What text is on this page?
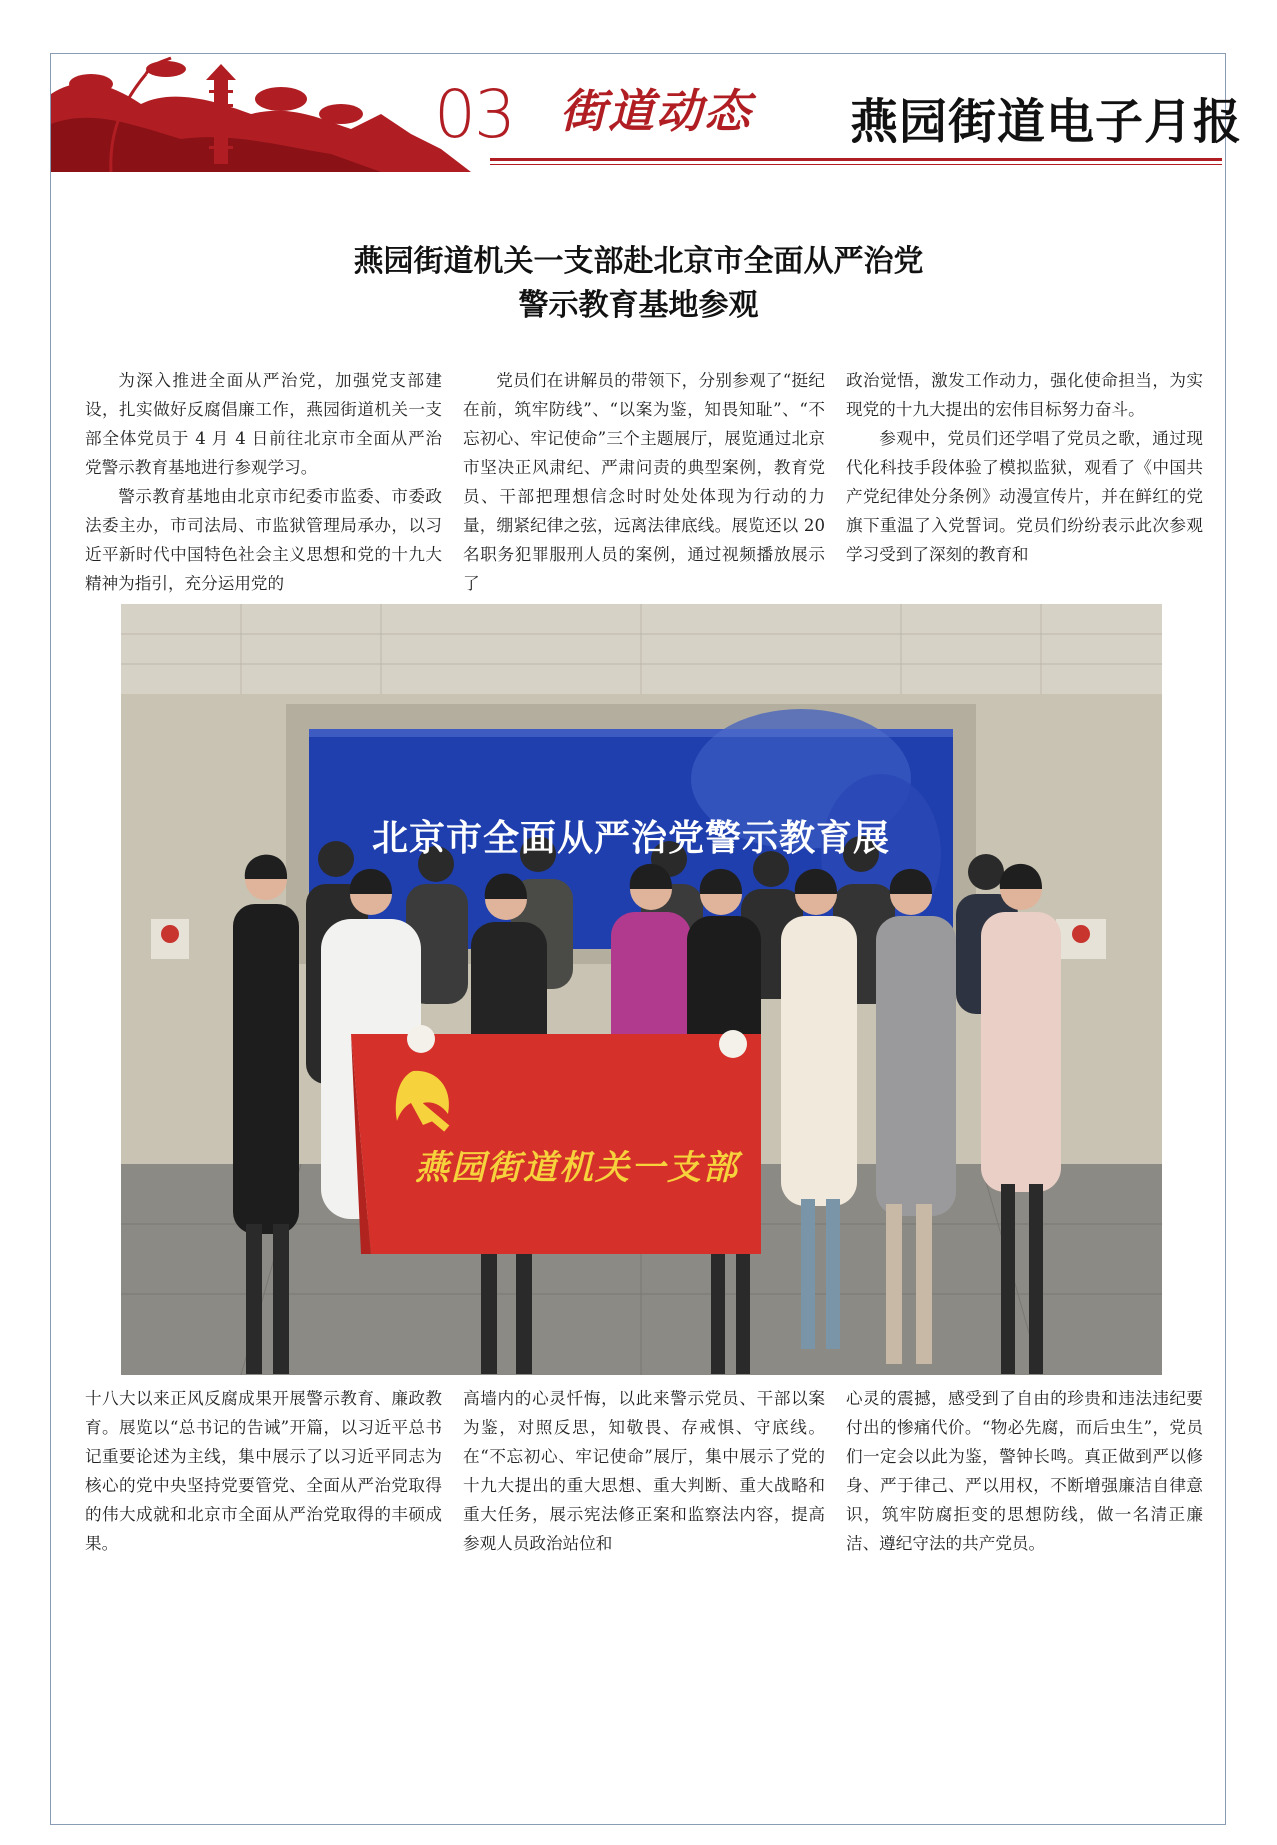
03 街道动态 燕园街道电子月报
燕园街道机关一支部赴北京市全面从严治党
警示教育基地参观

为深入推进全面从严治党，加强党支部建设，扎实做好反腐倡廉工作，燕园街道机关一支部全体党员于 4 月 4 日前往北京市全面从严治党警示教育基地进行参观学习。

警示教育基地由北京市纪委市监委、市委政法委主办，市司法局、市监狱管理局承办，以习近平新时代中国特色社会主义思想和党的十九大精神为指引，充分运用党的

党员们在讲解员的带领下，分别参观了“挺纪在前，筑牢防线”、“以案为鉴，知畏知耻”、“不忘初心、牢记使命”三个主题展厅，展览通过北京市坚决正风肃纪、严肃问责的典型案例，教育党员、干部把理想信念时时处处体现为行动的力量，绷紧纪律之弦，远离法律底线。展览还以 20 名职务犯罪服刑人员的案例，通过视频播放展示了

政治觉悟，激发工作动力，强化使命担当，为实现党的十九大提出的宏伟目标努力奋斗。

参观中，党员们还学唱了党员之歌，通过现代化科技手段体验了模拟监狱，观看了《中国共产党纪律处分条例》动漫宣传片，并在鲜红的党旗下重温了入党誓词。党员们纷纷表示此次参观学习受到了深刻的教育和

北京市全面从严治党警示教育展
燕园街道机关一支部

十八大以来正风反腐成果开展警示教育、廉政教育。展览以“总书记的告诫”开篇，以习近平总书记重要论述为主线，集中展示了以习近平同志为核心的党中央坚持党要管党、全面从严治党取得的伟大成就和北京市全面从严治党取得的丰硕成果。

高墙内的心灵忏悔，以此来警示党员、干部以案为鉴，对照反思，知敬畏、存戒惧、守底线。在“不忘初心、牢记使命”展厅，集中展示了党的十九大提出的重大思想、重大判断、重大战略和重大任务，展示宪法修正案和监察法内容，提高参观人员政治站位和

心灵的震撼，感受到了自由的珍贵和违法违纪要付出的惨痛代价。“物必先腐，而后虫生”，党员们一定会以此为鉴，警钟长鸣。真正做到严以修身、严于律己、严以用权，不断增强廉洁自律意识，筑牢防腐拒变的思想防线，做一名清正廉洁、遵纪守法的共产党员。
